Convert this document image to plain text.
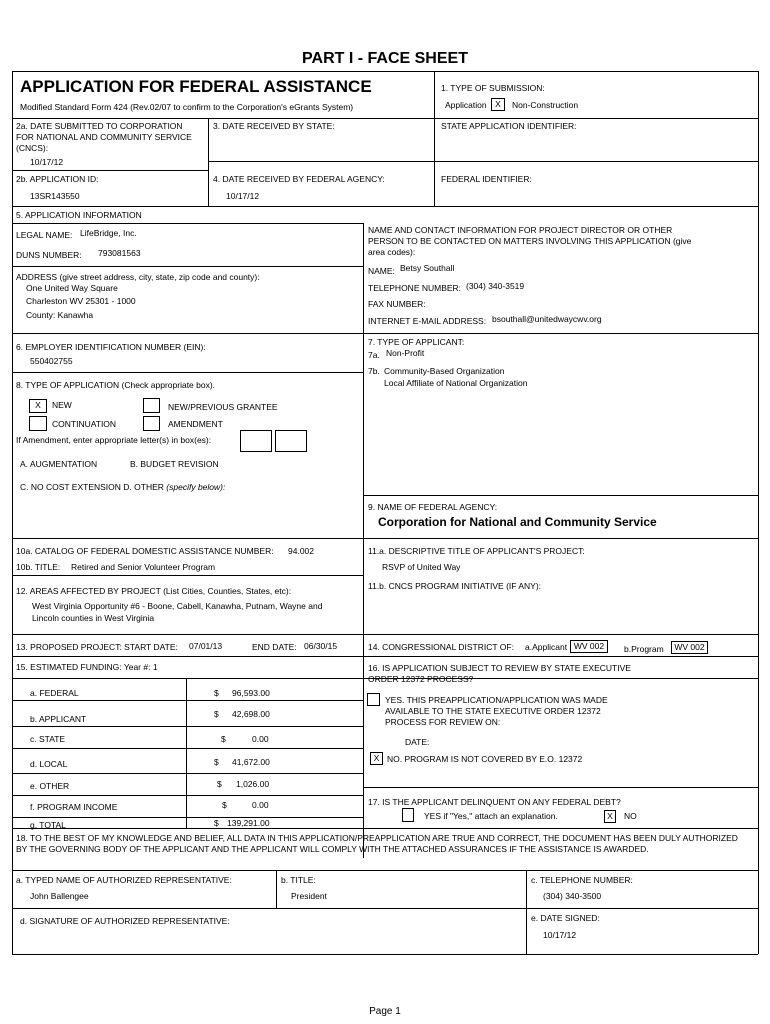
PART I - FACE SHEET
APPLICATION FOR FEDERAL ASSISTANCE
Modified Standard Form 424 (Rev.02/07 to confirm to the Corporation's eGrants System)
1. TYPE OF SUBMISSION:
Application	X	Non-Construction
2a. DATE SUBMITTED TO CORPORATION FOR NATIONAL AND COMMUNITY SERVICE (CNCS):
10/17/12
3. DATE RECEIVED BY STATE:	STATE APPLICATION IDENTIFIER:
2b. APPLICATION ID:
13SR143550
4. DATE RECEIVED BY FEDERAL AGENCY:
10/17/12
FEDERAL IDENTIFIER:
5. APPLICATION INFORMATION
LEGAL NAME: LifeBridge, Inc.
DUNS NUMBER: 793081563
ADDRESS (give street address, city, state, zip code and county):
One United Way Square
Charleston WV 25301 - 1000
County: Kanawha
NAME AND CONTACT INFORMATION FOR PROJECT DIRECTOR OR OTHER PERSON TO BE CONTACTED ON MATTERS INVOLVING THIS APPLICATION (give area codes):
NAME: Betsy Southall
TELEPHONE NUMBER: (304) 340-3519
FAX NUMBER:
INTERNET E-MAIL ADDRESS: bsouthall@unitedwaycwv.org
6. EMPLOYER IDENTIFICATION NUMBER (EIN):
550402755
7. TYPE OF APPLICANT:
7a. Non-Profit
7b. Community-Based Organization
Local Affiliate of National Organization
8. TYPE OF APPLICATION (Check appropriate box).
X	NEW	NEW/PREVIOUS GRANTEE
CONTINUATION	AMENDMENT
If Amendment, enter appropriate letter(s) in box(es):
A. AUGMENTATION	B. BUDGET REVISION
C. NO COST EXTENSION D. OTHER (specify below):
9. NAME OF FEDERAL AGENCY:
Corporation for National and Community Service
10a. CATALOG OF FEDERAL DOMESTIC ASSISTANCE NUMBER: 94.002
10b. TITLE: Retired and Senior Volunteer Program
11.a. DESCRIPTIVE TITLE OF APPLICANT'S PROJECT:
RSVP of United Way
11.b. CNCS PROGRAM INITIATIVE (IF ANY):
12. AREAS AFFECTED BY PROJECT (List Cities, Counties, States, etc):
West Virginia Opportunity #6 - Boone, Cabell, Kanawha, Putnam, Wayne and
Lincoln counties in West Virginia
13. PROPOSED PROJECT: START DATE: 07/01/13	END DATE: 06/30/15	14. CONGRESSIONAL DISTRICT OF: a.Applicant WV 002	b.Program	WV 002
15. ESTIMATED FUNDING: Year #: 1
a. FEDERAL	$ 96,593.00
b. APPLICANT	$ 42,698.00
c. STATE	$	0.00
d. LOCAL	$ 41,672.00
e. OTHER	$ 1,026.00
f. PROGRAM INCOME	$	0.00
g. TOTAL	$ 139,291.00
16. IS APPLICATION SUBJECT TO REVIEW BY STATE EXECUTIVE ORDER 12372 PROCESS?
YES. THIS PREAPPLICATION/APPLICATION WAS MADE AVAILABLE TO THE STATE EXECUTIVE ORDER 12372 PROCESS FOR REVIEW ON:
DATE:
X NO. PROGRAM IS NOT COVERED BY E.O. 12372
17. IS THE APPLICANT DELINQUENT ON ANY FEDERAL DEBT?
YES if "Yes," attach an explanation.	X	NO
18. TO THE BEST OF MY KNOWLEDGE AND BELIEF, ALL DATA IN THIS APPLICATION/PREAPPLICATION ARE TRUE AND CORRECT, THE DOCUMENT HAS BEEN DULY AUTHORIZED BY THE GOVERNING BODY OF THE APPLICANT AND THE APPLICANT WILL COMPLY WITH THE ATTACHED ASSURANCES IF THE ASSISTANCE IS AWARDED.
a. TYPED NAME OF AUTHORIZED REPRESENTATIVE:
John Ballengee
b. TITLE:
President
c. TELEPHONE NUMBER:
(304) 340-3500
d. SIGNATURE OF AUTHORIZED REPRESENTATIVE:	e. DATE SIGNED:
10/17/12
Page 1
